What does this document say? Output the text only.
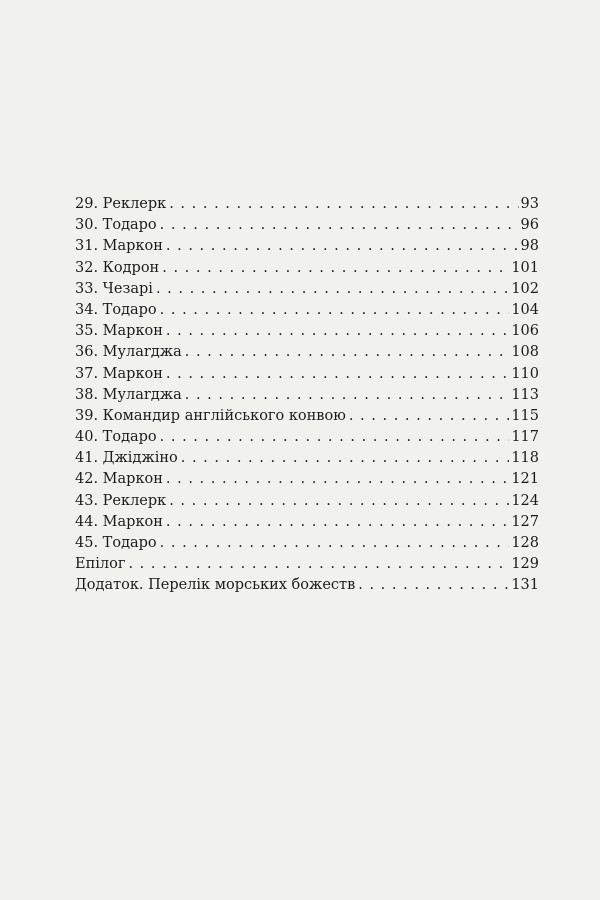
29. Реклерк . . .	93
30. Тодаро . . .	96
31. Маркон . . .	98
32. Кодрон . . .	101
33. Чезарі . . .	102
34. Тодаро . . .	104
35. Маркон . . .	106
36. Мулarджа . . .	108
37. Маркон . . .	110
38. Мулarджа . . .	113
39. Командир англійського конвою . . .	115
40. Тодаро . . .	117
41. Джіджіно . . .	118
42. Маркон . . .	121
43. Реклерк . . .	124
44. Маркон . . .	127
45. Тодаро . . .	128
Епілог . . .	129
Додаток. Перелік морських божеств . . .	131
